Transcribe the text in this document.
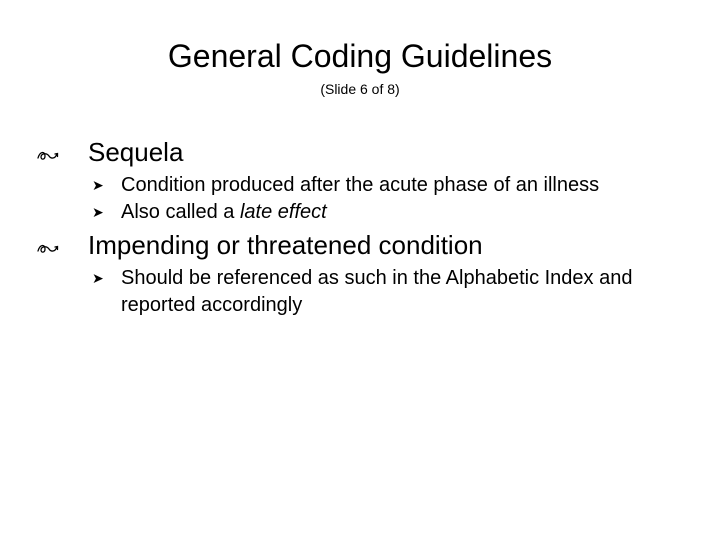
General Coding Guidelines
(Slide 6 of 8)
Sequela
➤ Condition produced after the acute phase of an illness
➤ Also called a late effect
Impending or threatened condition
➤ Should be referenced as such in the Alphabetic Index and reported accordingly
